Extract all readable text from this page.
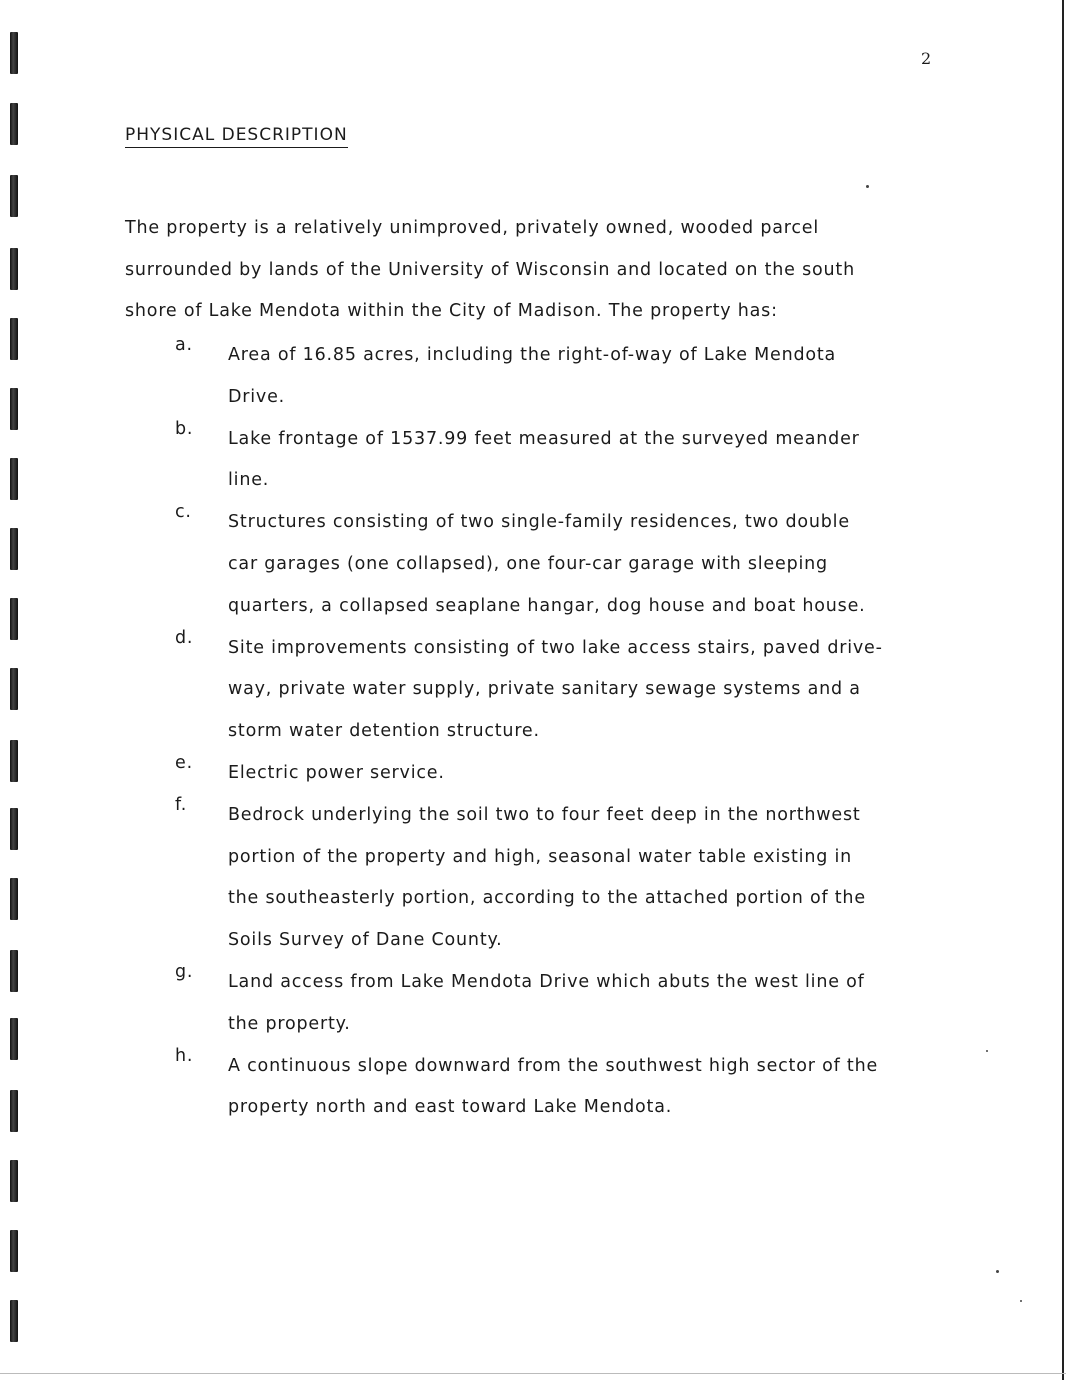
2
PHYSICAL DESCRIPTION
The property is a relatively unimproved, privately owned, wooded parcel
surrounded by lands of the University of Wisconsin and located on the south
shore of Lake Mendota within the City of Madison. The property has:
a. Area of 16.85 acres, including the right-of-way of Lake Mendota
Drive.
b. Lake frontage of 1537.99 feet measured at the surveyed meander
line.
c. Structures consisting of two single-family residences, two double
car garages (one collapsed), one four-car garage with sleeping
quarters, a collapsed seaplane hangar, dog house and boat house.
d. Site improvements consisting of two lake access stairs, paved drive-
way, private water supply, private sanitary sewage systems and a
storm water detention structure.
e. Electric power service.
f. Bedrock underlying the soil two to four feet deep in the northwest
portion of the property and high, seasonal water table existing in
the southeasterly portion, according to the attached portion of the
Soils Survey of Dane County.
g. Land access from Lake Mendota Drive which abuts the west line of
the property.
h. A continuous slope downward from the southwest high sector of the
property north and east toward Lake Mendota.
